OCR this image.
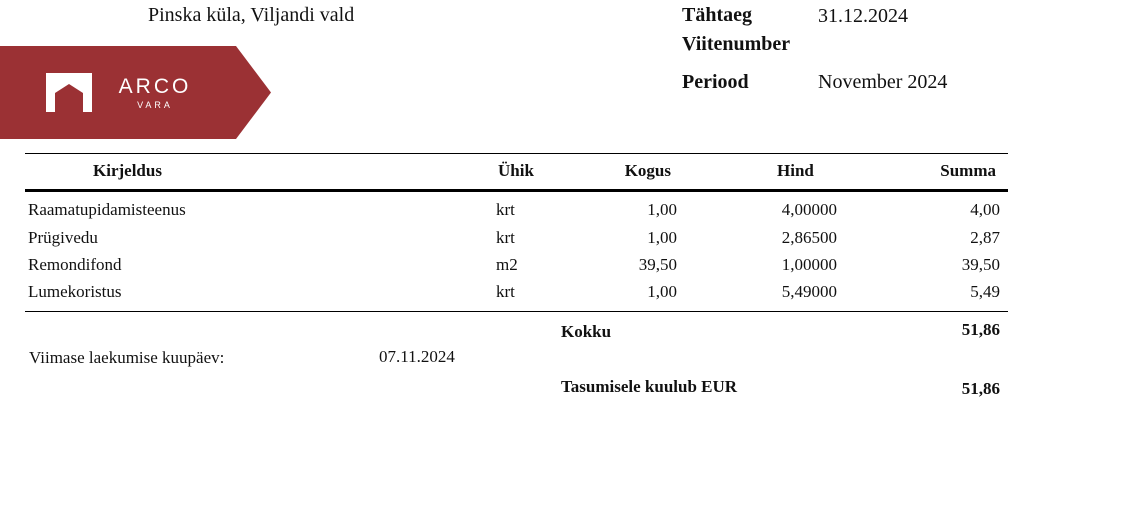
Pinska küla, Viljandi vald	Tähtaeg	31.12.2024
Viitenumber
Periood	November 2024
ARCO
VARA
Kirjeldus	Ühik	Kogus	Hind	Summa
Raamatupidamisteenus	krt	1,00	4,00000	4,00
Prügivedu	krt	1,00	2,86500	2,87
Remondifond	m2	39,50	1,00000	39,50
Lumekoristus	krt	1,00	5,49000	5,49
Kokku	51,86
Viimase laekumise kuupäev:	07.11.2024
Tasumisele kuulub EUR	51,86
